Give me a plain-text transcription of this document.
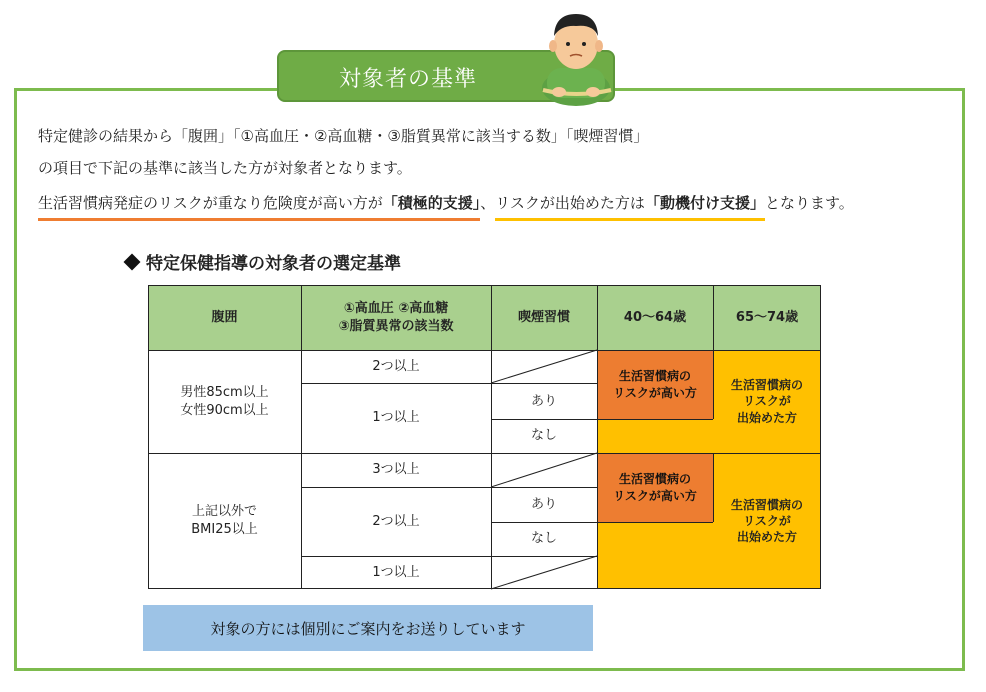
対象者の基準
特定健診の結果から「腹囲」「①高血圧・②高血糖・③脂質異常に該当する数」「喫煙習慣」
の項目で下記の基準に該当した方が対象者となります。
生活習慣病発症のリスクが重なり危険度が高い方が「積極的支援」、リスクが出始めた方は「動機付け支援」となります。
特定保健指導の対象者の選定基準
腹囲
①高血圧 ②高血糖
③脂質異常の該当数
喫煙習慣	40～64歳	65～74歳
男性85cm以上
女性90cm以上
2つ以上
1つ以上
あり
なし
生活習慣病の
リスクが高い方
生活習慣病の
リスクが
出始めた方
上記以外で
BMI25以上
3つ以上
2つ以上
1つ以上
あり
なし
生活習慣病の
リスクが高い方
生活習慣病の
リスクが
出始めた方
対象の方には個別にご案内をお送りしています
